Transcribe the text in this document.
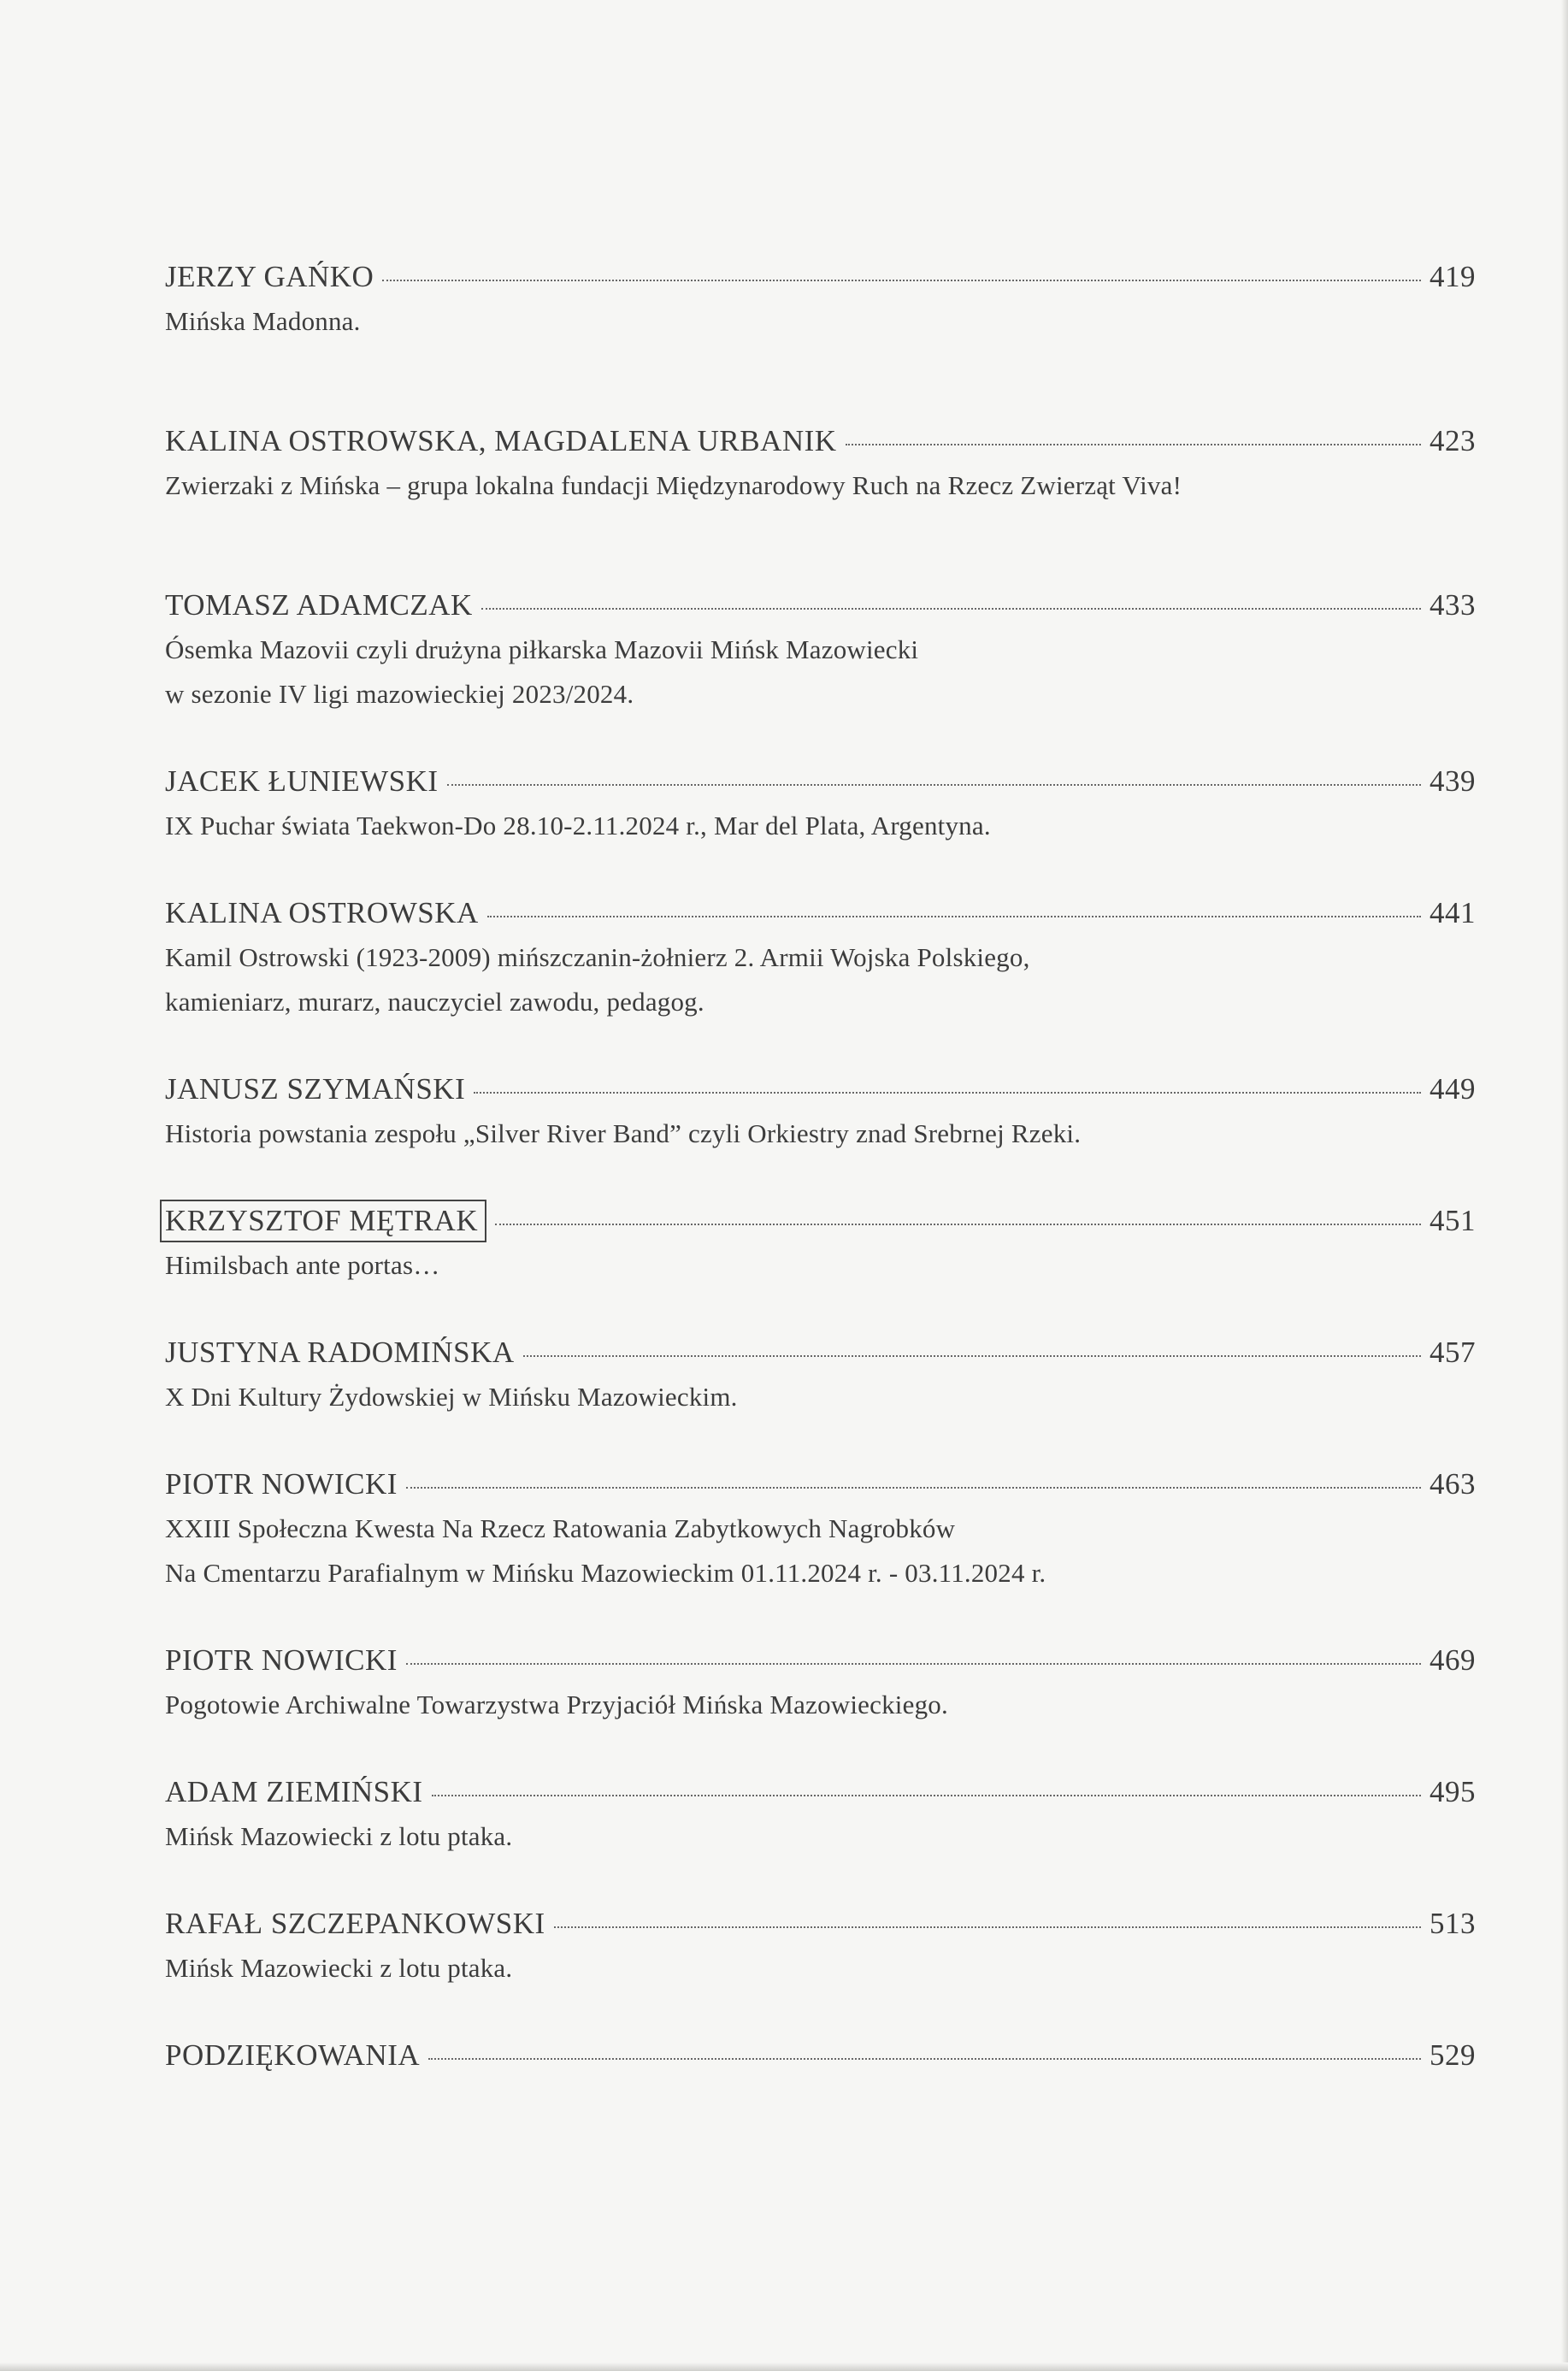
JERZY GAŃKO	419
Mińska Madonna.
KALINA OSTROWSKA, MAGDALENA URBANIK	423
Zwierzaki z Mińska – grupa lokalna fundacji Międzynarodowy Ruch na Rzecz Zwierząt Viva!
TOMASZ ADAMCZAK	433
Ósemka Mazovii czyli drużyna piłkarska Mazovii Mińsk Mazowiecki
w sezonie IV ligi mazowieckiej 2023/2024.
JACEK ŁUNIEWSKI	439
IX Puchar świata Taekwon-Do 28.10-2.11.2024 r., Mar del Plata, Argentyna.
KALINA OSTROWSKA	441
Kamil Ostrowski (1923-2009) mińszczanin-żołnierz 2. Armii Wojska Polskiego,
kamieniarz, murarz, nauczyciel zawodu, pedagog.
JANUSZ SZYMAŃSKI	449
Historia powstania zespołu „Silver River Band” czyli Orkiestry znad Srebrnej Rzeki.
KRZYSZTOF MĘTRAK	451
Himilsbach ante portas…
JUSTYNA RADOMIŃSKA	457
X Dni Kultury Żydowskiej w Mińsku Mazowieckim.
PIOTR NOWICKI	463
XXIII Społeczna Kwesta Na Rzecz Ratowania Zabytkowych Nagrobków
Na Cmentarzu Parafialnym w Mińsku Mazowieckim 01.11.2024 r. - 03.11.2024 r.
PIOTR NOWICKI	469
Pogotowie Archiwalne Towarzystwa Przyjaciół Mińska Mazowieckiego.
ADAM ZIEMIŃSKI	495
Mińsk Mazowiecki z lotu ptaka.
RAFAŁ SZCZEPANKOWSKI	513
Mińsk Mazowiecki z lotu ptaka.
PODZIĘKOWANIA	529
